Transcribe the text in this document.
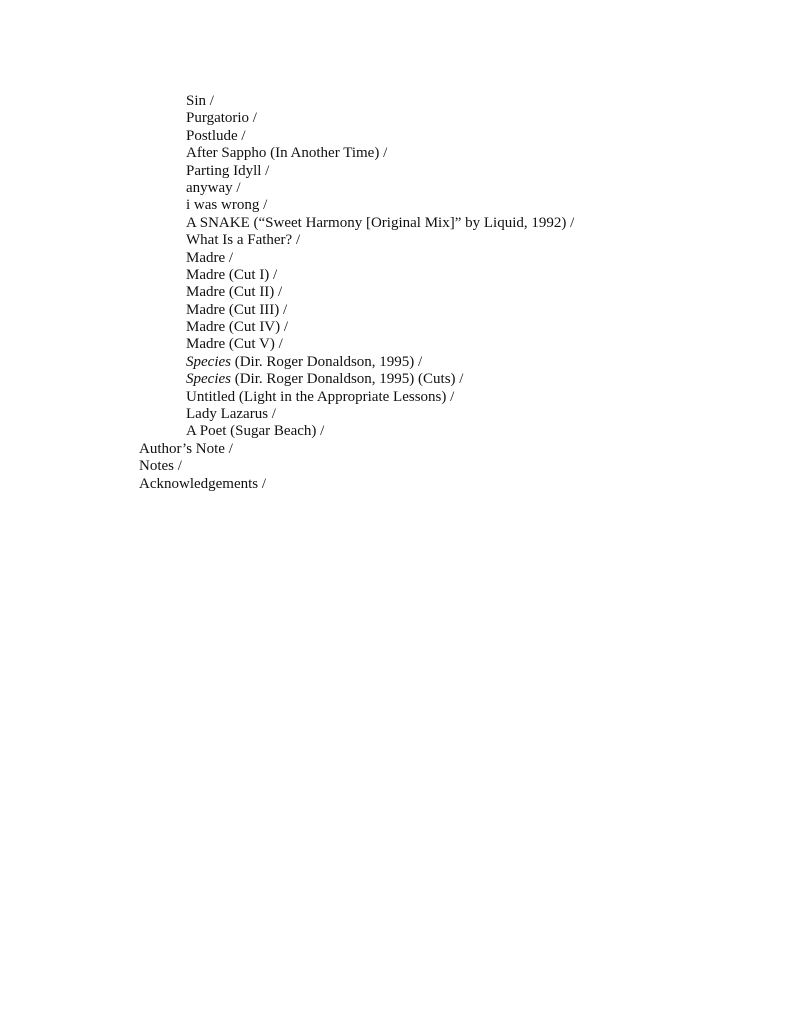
Sin /
Purgatorio /
Postlude /
After Sappho (In Another Time) /
Parting Idyll /
anyway /
i was wrong /
A SNAKE (“Sweet Harmony [Original Mix]” by Liquid, 1992) /
What Is a Father? /
Madre /
Madre (Cut I) /
Madre (Cut II) /
Madre (Cut III) /
Madre (Cut IV) /
Madre (Cut V) /
Species (Dir. Roger Donaldson, 1995) /
Species (Dir. Roger Donaldson, 1995) (Cuts) /
Untitled (Light in the Appropriate Lessons) /
Lady Lazarus /
A Poet (Sugar Beach) /
Author’s Note /
Notes /
Acknowledgements /
